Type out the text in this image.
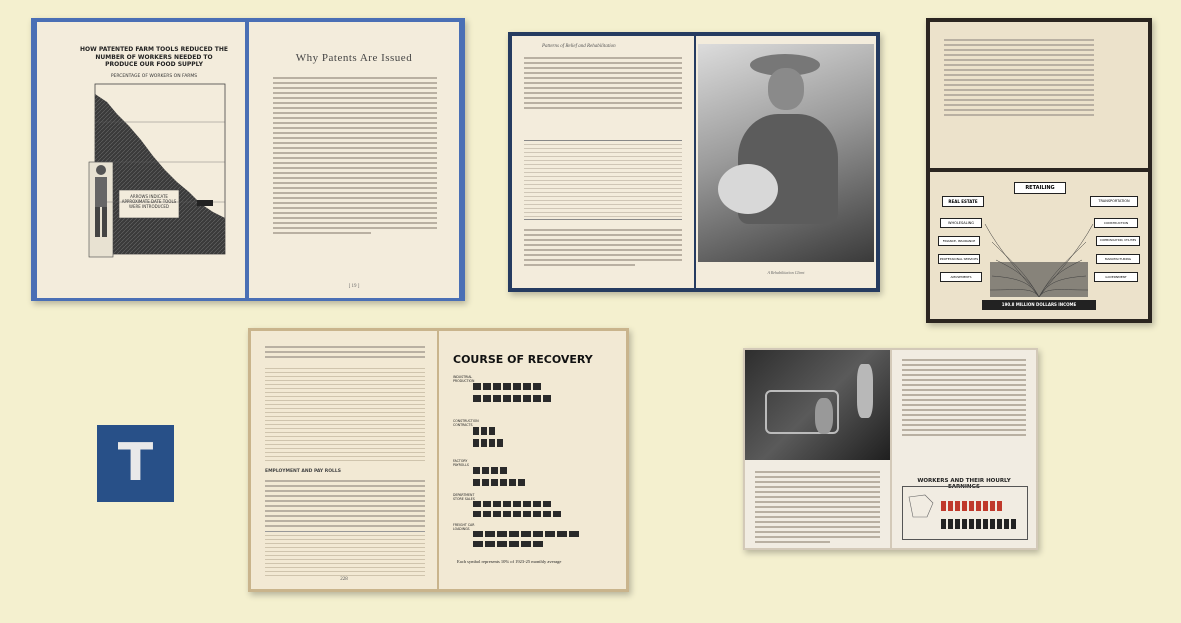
HOW PATENTED FARM TOOLS REDUCED THE NUMBER OF WORKERS NEEDED TO PRODUCE OUR FOOD SUPPLY
PERCENTAGE OF WORKERS ON FARMS
ARROWS INDICATE APPROXIMATE DATE TOOLS WERE INTRODUCED
Why Patents Are Issued
[ 19 ]
Patterns of Relief and Rehabilitation
A Rehabilitation Client
RETAILING
REAL ESTATE
WHOLESALING
FINANCE, INSURANCE
PROFESSIONAL SERVICES
AMUSEMENTS
TRANSPORTATION
CONSTRUCTION
COMMUNICATION, UTILITIES
MANUFACTURING
GOVERNMENT
190.8 MILLION DOLLARS INCOME
T	EMPLOYMENT AND PAY ROLLS
228
COURSE OF RECOVERY
INDUSTRIAL PRODUCTION
CONSTRUCTION CONTRACTS
FACTORY PAYROLLS
DEPARTMENT STORE SALES
FREIGHT CAR LOADINGS
Each symbol represents 10% of 1923-25 monthly average
WORKERS AND THEIR HOURLY EARNINGS
